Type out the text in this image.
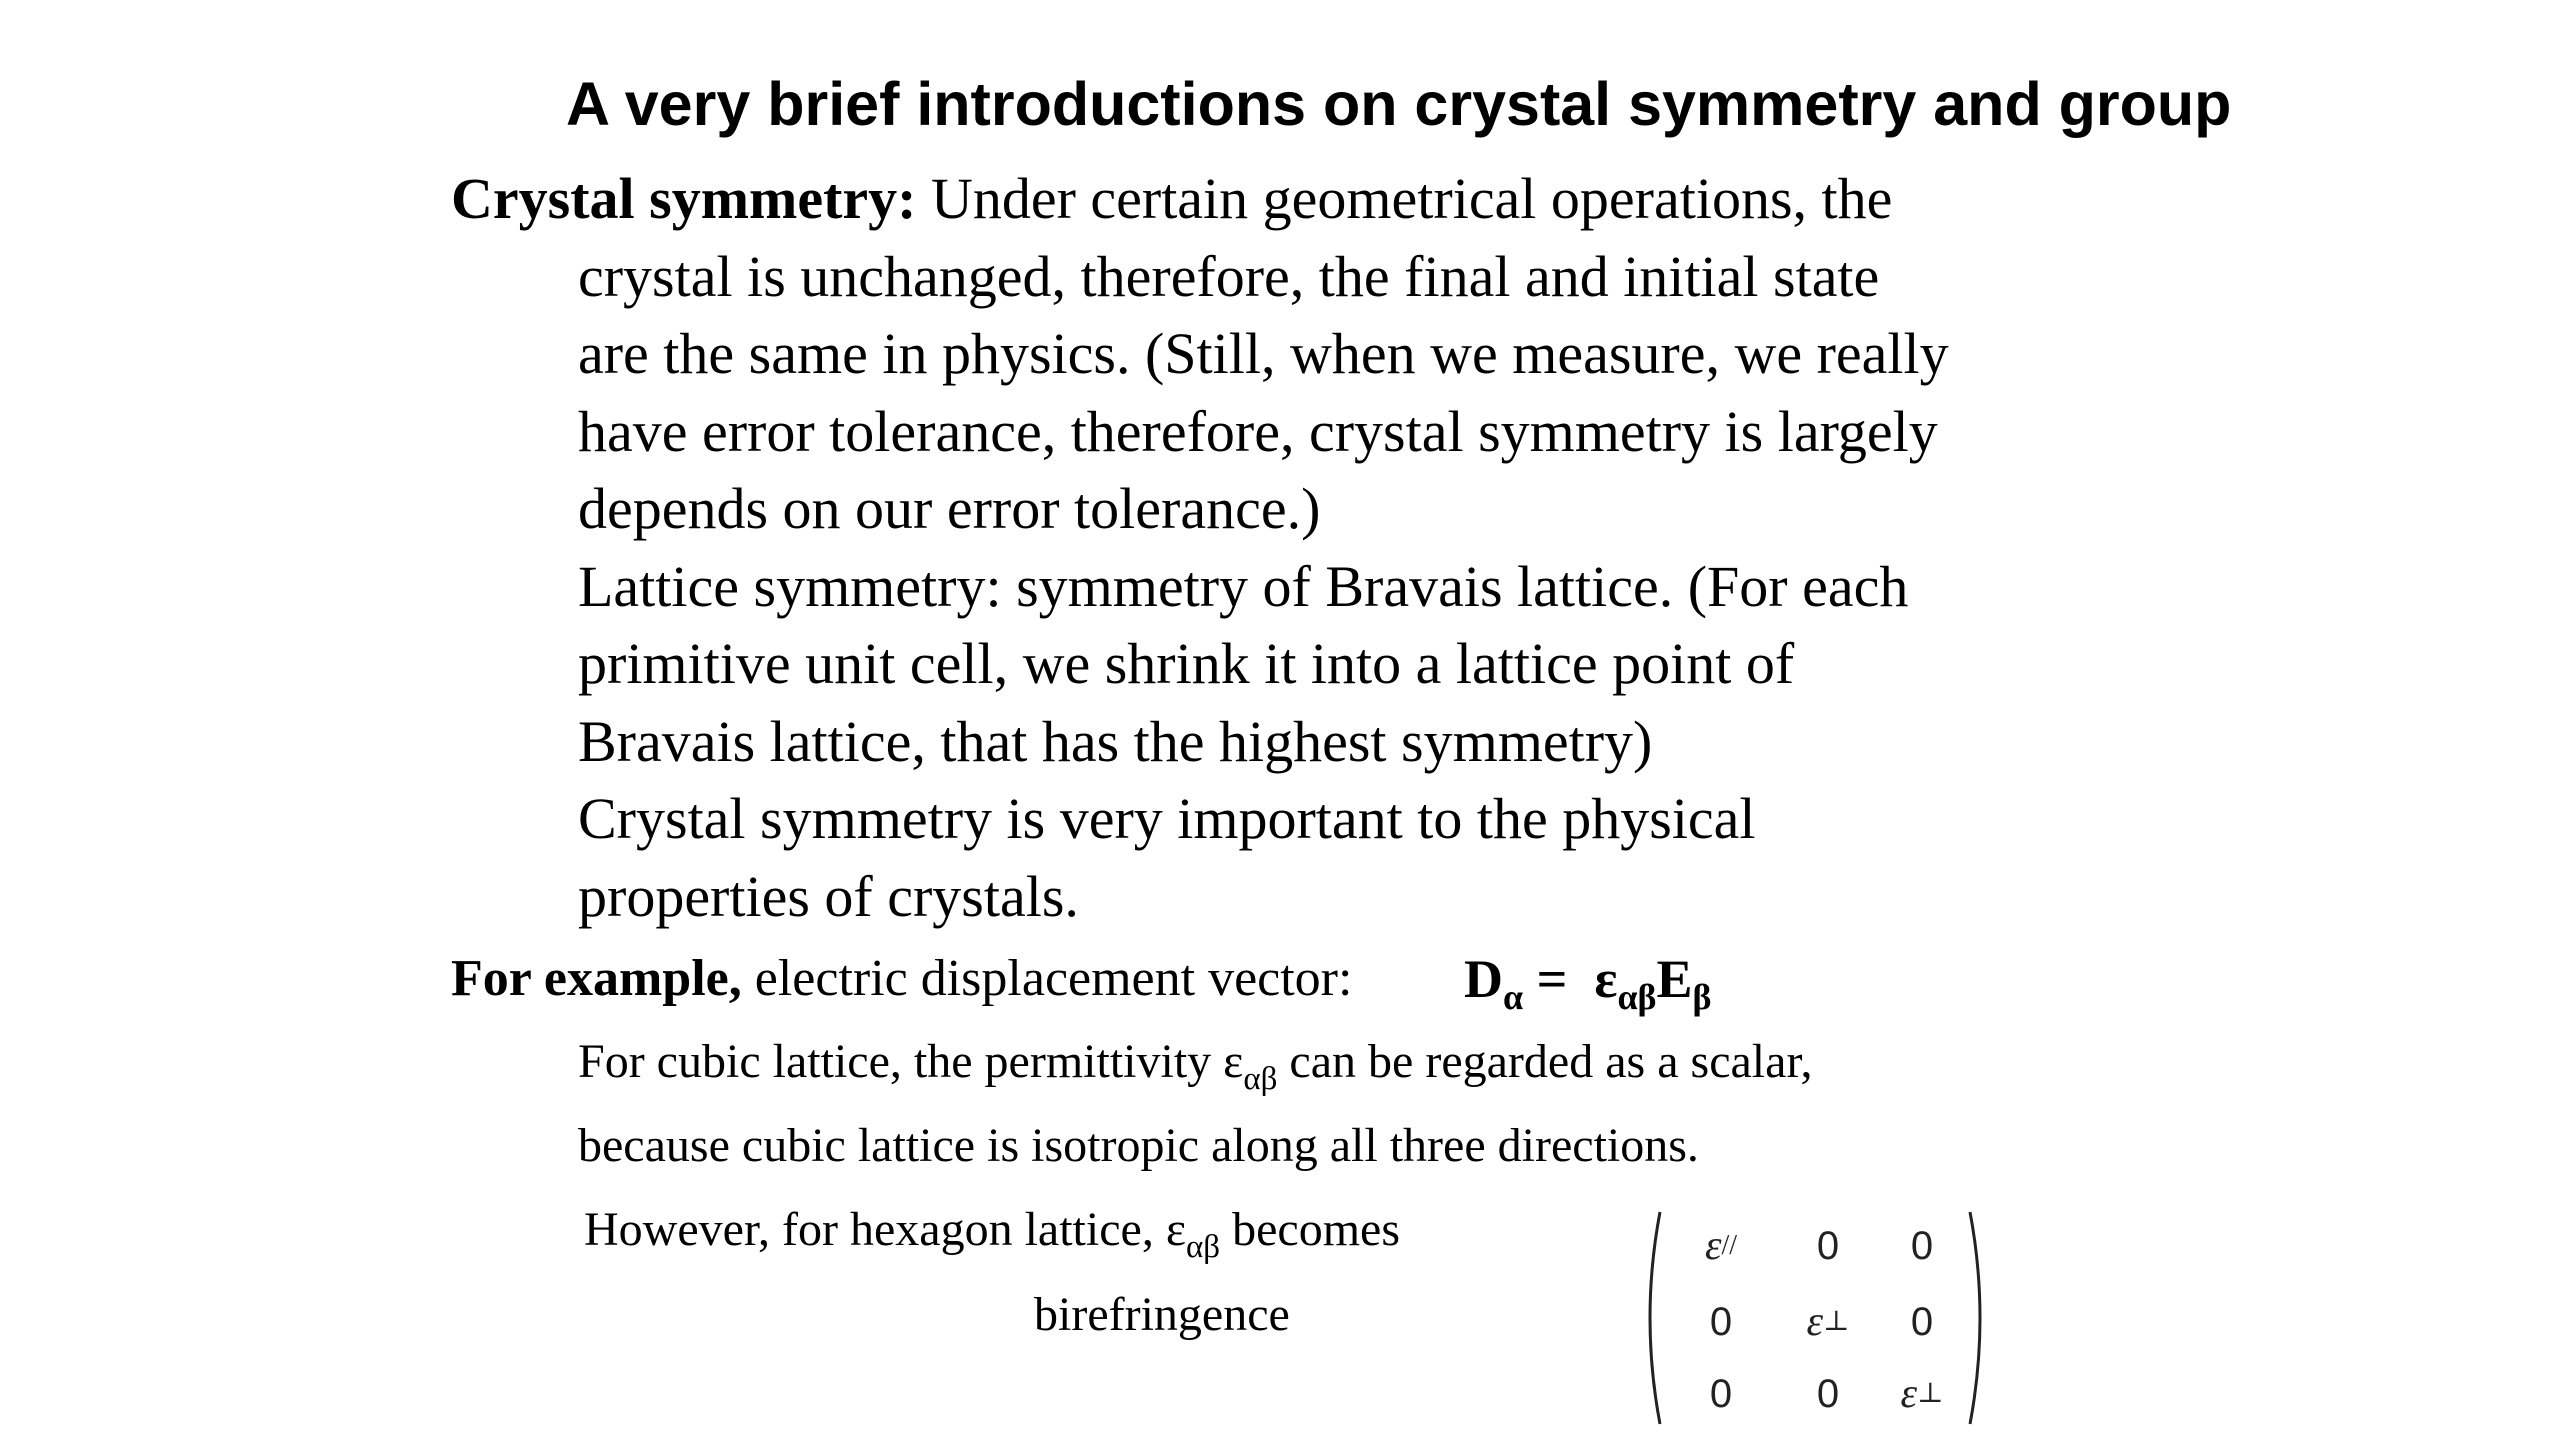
A very brief introductions on crystal symmetry and group

Crystal symmetry: Under certain geometrical operations, the

crystal is unchanged, therefore, the final and initial state

are the same in physics. (Still, when we measure, we really

have error tolerance, therefore, crystal symmetry is largely

depends on our error tolerance.)

Lattice symmetry: symmetry of Bravais lattice. (For each

primitive unit cell, we shrink it into a lattice point of

Bravais lattice, that has the highest symmetry)

Crystal symmetry is very important to the physical

properties of crystals.

For example, electric displacement vector: $D_\alpha = \varepsilon_{\alpha\beta}E_\beta$
For cubic lattice, the permittivity $\varepsilon_{\alpha\beta}$ can be regarded as a scalar,
because cubic lattice is isotropic along all three directions.
However, for hexagon lattice, $\varepsilon_{\alpha\beta}$ becomes
birefringence
ε //	0	0
0	ε ⊥	0
0	0	ε ⊥
